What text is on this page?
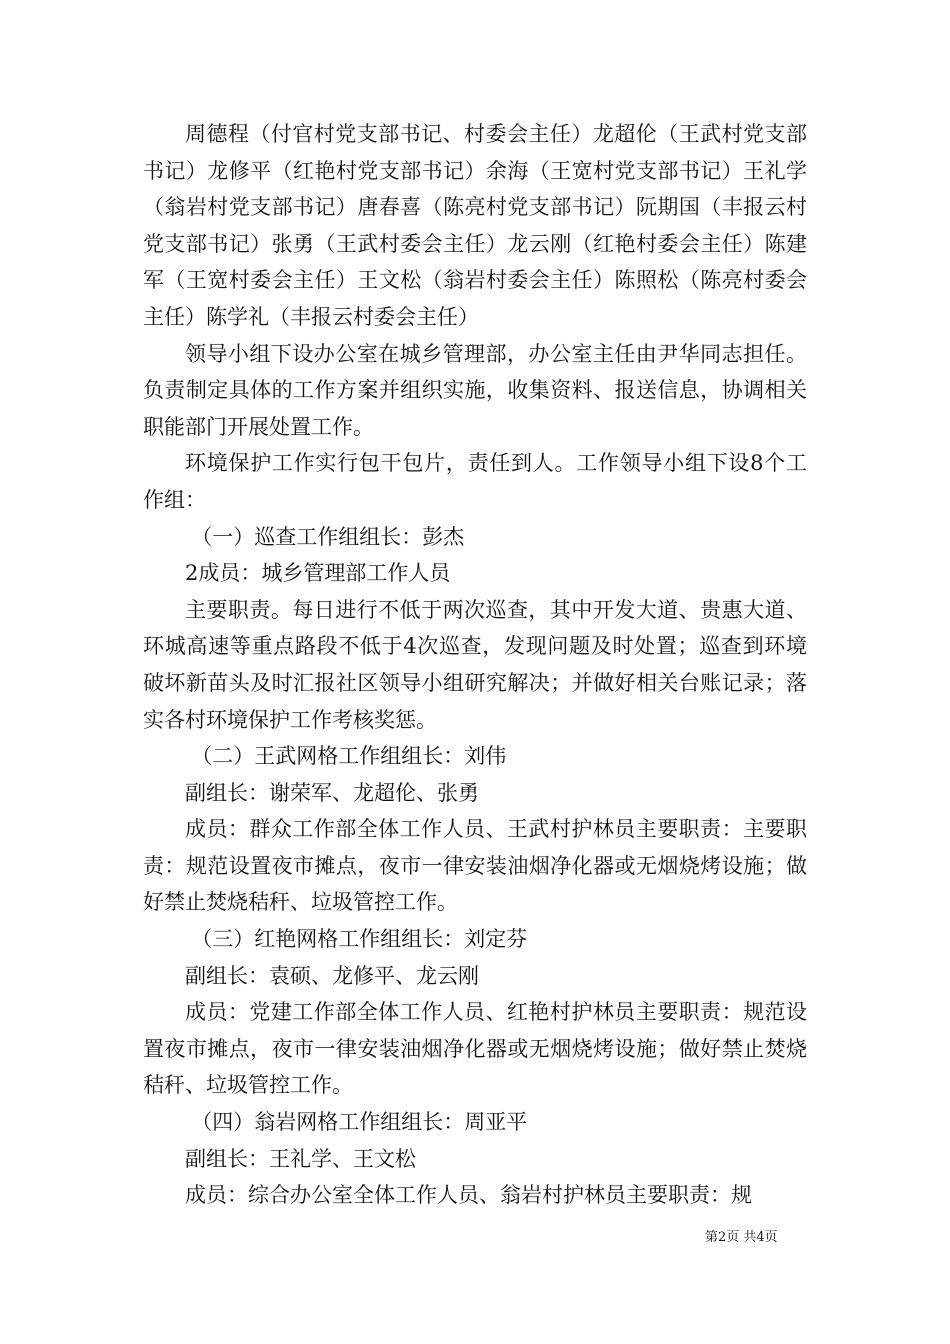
周德程（付官村党支部书记、村委会主任）龙超伦（王武村党支部书记）龙修平（红艳村党支部书记）余海（王宽村党支部书记）王礼学（翁岩村党支部书记）唐春喜（陈亮村党支部书记）阮期国（丰报云村党支部书记）张勇（王武村委会主任）龙云刚（红艳村委会主任）陈建军（王宽村委会主任）王文松（翁岩村委会主任）陈照松（陈亮村委会主任）陈学礼（丰报云村委会主任）

领导小组下设办公室在城乡管理部，办公室主任由尹华同志担任。负责制定具体的工作方案并组织实施，收集资料、报送信息，协调相关职能部门开展处置工作。

环境保护工作实行包干包片，责任到人。工作领导小组下设8个工作组：

（一）巡查工作组组长：彭杰

2成员：城乡管理部工作人员

主要职责。每日进行不低于两次巡查，其中开发大道、贵惠大道、环城高速等重点路段不低于4次巡查，发现问题及时处置；巡查到环境破坏新苗头及时汇报社区领导小组研究解决；并做好相关台账记录；落实各村环境保护工作考核奖惩。

（二）王武网格工作组组长：刘伟

副组长：谢荣军、龙超伦、张勇

成员：群众工作部全体工作人员、王武村护林员主要职责：主要职责：规范设置夜市摊点，夜市一律安装油烟净化器或无烟烧烤设施；做好禁止焚烧秸秆、垃圾管控工作。

（三）红艳网格工作组组长：刘定芬

副组长：袁硕、龙修平、龙云刚

成员：党建工作部全体工作人员、红艳村护林员主要职责：规范设置夜市摊点，夜市一律安装油烟净化器或无烟烧烤设施；做好禁止焚烧秸秆、垃圾管控工作。

（四）翁岩网格工作组组长：周亚平

副组长：王礼学、王文松

成员：综合办公室全体工作人员、翁岩村护林员主要职责：规

第2页 共4页
